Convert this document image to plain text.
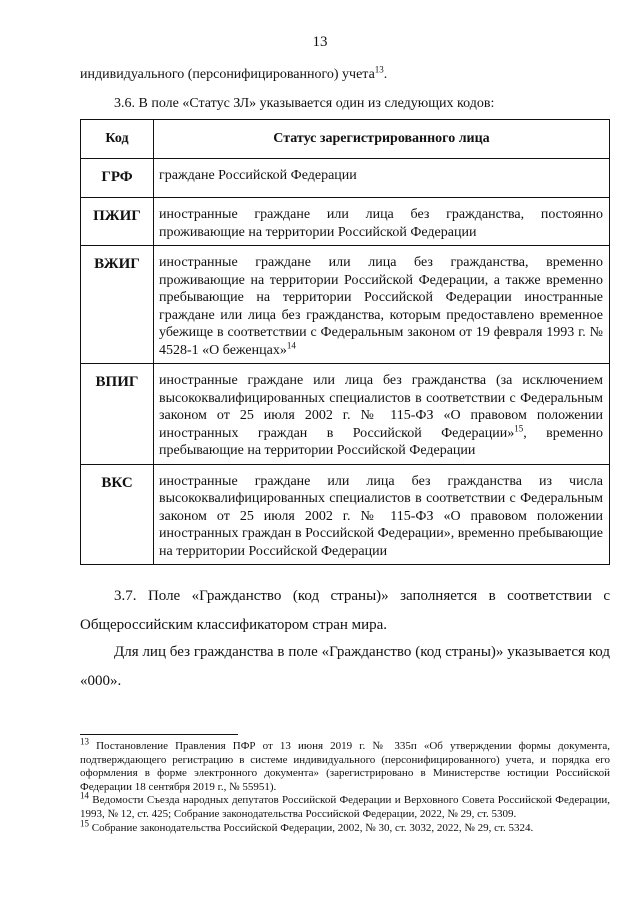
13
индивидуального (персонифицированного) учета$^{13}$.
3.6. В поле «Статус ЗЛ» указывается один из следующих кодов:
Код	Статус зарегистрированного лица
ГРФ	граждане Российской Федерации
ПЖИГ	иностранные граждане или лица без гражданства, постоянно проживающие на территории Российской Федерации
ВЖИГ	иностранные граждане или лица без гражданства, временно проживающие на территории Российской Федерации, а также временно пребывающие на территории Российской Федерации иностранные граждане или лица без гражданства, которым предоставлено временное убежище в соответствии с Федеральным законом от 19 февраля 1993 г. № 4528-1 «О беженцах»$^{14}$
ВПИГ	иностранные граждане или лица без гражданства (за исключением высококвалифицированных специалистов в соответствии с Федеральным законом от 25 июля 2002 г. № 115-ФЗ «О правовом положении иностранных граждан в Российской Федерации»$^{15}$, временно пребывающие на территории Российской Федерации
ВКС	иностранные граждане или лица без гражданства из числа высококвалифицированных специалистов в соответствии с Федеральным законом от 25 июля 2002 г. № 115-ФЗ «О правовом положении иностранных граждан в Российской Федерации», временно пребывающие на территории Российской Федерации
3.7. Поле «Гражданство (код страны)» заполняется в соответствии с Общероссийским классификатором стран мира.
Для лиц без гражданства в поле «Гражданство (код страны)» указывается код «000».

$^{13}$ Постановление Правления ПФР от 13 июня 2019 г. № 335п «Об утверждении формы документа, подтверждающего регистрацию в системе индивидуального (персонифицированного) учета, и порядка его оформления в форме электронного документа» (зарегистрировано в Министерстве юстиции Российской Федерации 18 сентября 2019 г., № 55951).

$^{14}$ Ведомости Съезда народных депутатов Российской Федерации и Верховного Совета Российской Федерации, 1993, № 12, ст. 425; Собрание законодательства Российской Федерации, 2022, № 29, ст. 5309.

$^{15}$ Собрание законодательства Российской Федерации, 2002, № 30, ст. 3032, 2022, № 29, ст. 5324.
